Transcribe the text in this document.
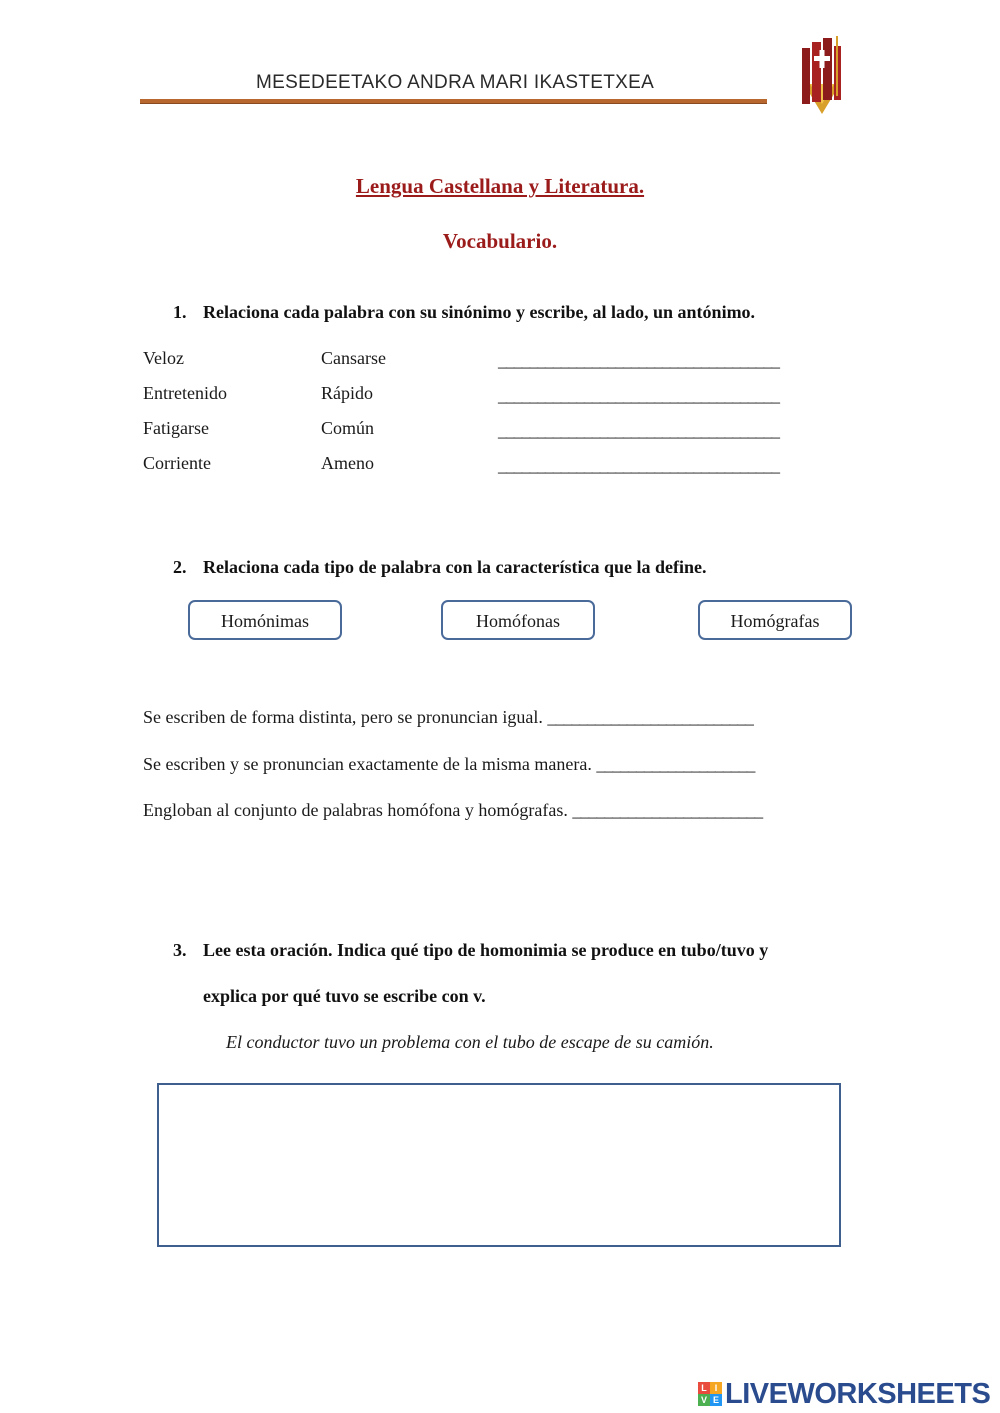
MESEDEETAKO ANDRA MARI IKASTETXEA
Lengua Castellana y Literatura.
Vocabulario.
1. Relaciona cada palabra con su sinónimo y escribe, al lado, un antónimo.
Veloz
Entretenido
Fatigarse
Corriente
Cansarse
Rápido
Común
Ameno
____________________________________
____________________________________
____________________________________
____________________________________
2. Relaciona cada tipo de palabra con la característica que la define.
Homónimas	Homófonas	Homógrafas
Se escriben de forma distinta, pero se pronuncian igual. __________________________
Se escriben y se pronuncian exactamente de la misma manera. ____________________
Engloban al conjunto de palabras homófona y homógrafas. ________________________
3. Lee esta oración. Indica qué tipo de homonimia se produce en tubo/tuvo y
explica por qué tuvo se escribe con v.
El conductor tuvo un problema con el tubo de escape de su camión.
L I
V E LIVEWORKSHEETS
